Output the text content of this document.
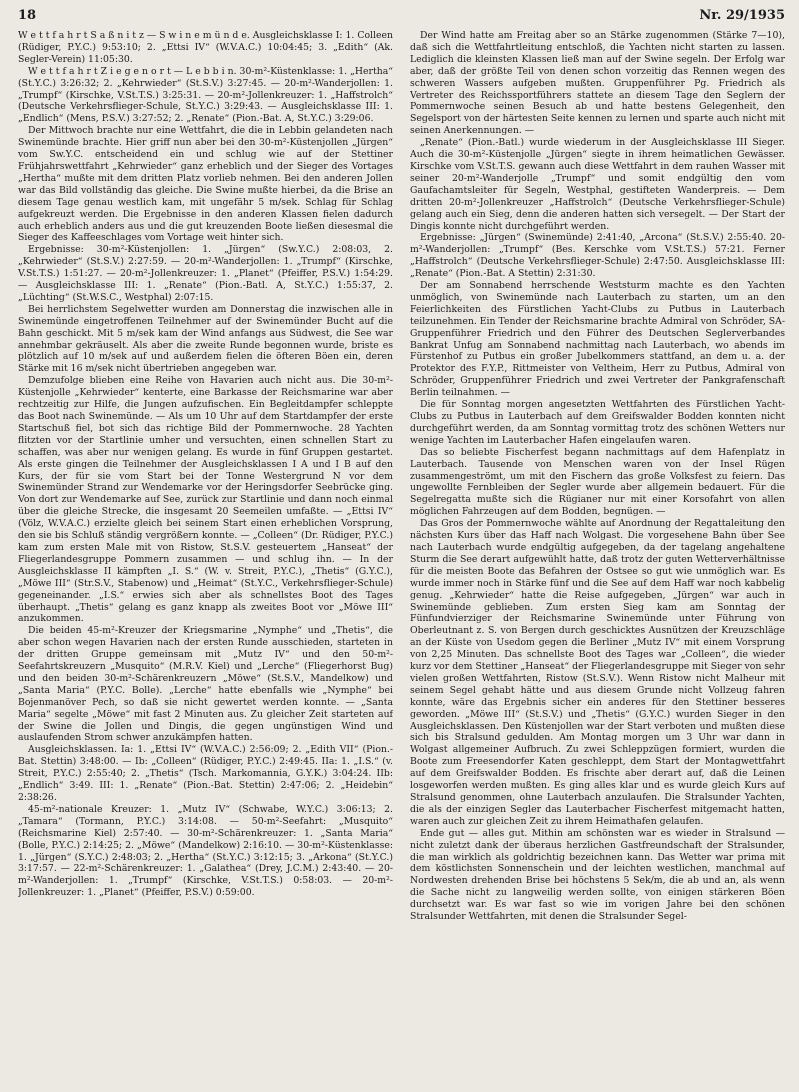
18	Nr. 29/1935

W e t t f a h r t S a ß n i t z — S w i n e m ü n d e. Ausgleichsklasse I: 1. Colleen (Rüdiger, P.Y.C.) 9:53:10; 2. „Ettsi IV“ (W.V.A.C.) 10:04:45; 3. „Edith“ (Ak. Segler-Verein) 11:05:30.

W e t t f a h r t Z i e g e n o r t — L e b b i n. 30-m²-Küstenklasse: 1. „Hertha“ (St.Y.C.) 3:26:32; 2. „Kehrwieder“ (St.S.V.) 3:27:45. — 20-m²-Wanderjollen: 1. „Trumpf“ (Kirschke, V.St.T.S.) 3:25:31. — 20-m²-Jollenkreuzer: 1. „Haffstrolch“ (Deutsche Verkehrsflieger-Schule, St.Y.C.) 3:29:43. — Ausgleichsklasse III: 1. „Endlich“ (Mens, P.S.V.) 3:27:52; 2. „Renate“ (Pion.-Bat. A, St.Y.C.) 3:29:06.

Der Mittwoch brachte nur eine Wettfahrt, die die in Lebbin gelandeten nach Swinemünde brachte. Hier griff nun aber bei den 30-m²-Küstenjollen „Jürgen“ vom Sw.Y.C. entscheidend ein und schlug wie auf der Stettiner Frühjahrswettfahrt „Kehrwieder“ ganz erheblich und der Sieger des Vortages „Hertha“ mußte mit dem dritten Platz vorlieb nehmen. Bei den anderen Jollen war das Bild vollständig das gleiche. Die Swine mußte hierbei, da die Brise an diesem Tage genau westlich kam, mit ungefähr 5 m/sek. Schlag für Schlag aufgekreuzt werden. Die Ergebnisse in den anderen Klassen fielen dadurch auch erheblich anders aus und die gut kreuzenden Boote ließen diesesmal die Sieger des Kaffeeschlages vom Vortage weit hinter sich.

Ergebnisse: 30-m²-Küstenjollen: 1. „Jürgen“ (Sw.Y.C.) 2:08:03, 2. „Kehrwieder“ (St.S.V.) 2:27:59. — 20-m²-Wanderjollen: 1. „Trumpf“ (Kirschke, V.St.T.S.) 1:51:27. — 20-m²-Jollenkreuzer: 1. „Planet“ (Pfeiffer, P.S.V.) 1:54:29. — Ausgleichsklasse III: 1. „Renate“ (Pion.-Batl. A, St.Y.C.) 1:55:37, 2. „Lüchting“ (St.W.S.C., Westphal) 2:07:15.

Bei herrlichstem Segelwetter wurden am Donnerstag die inzwischen alle in Swinemünde eingetroffenen Teilnehmer auf der Swinemünder Bucht auf die Bahn geschickt. Mit 5 m/sek kam der Wind anfangs aus Südwest, die See war annehmbar gekräuselt. Als aber die zweite Runde begonnen wurde, briste es plötzlich auf 10 m/sek auf und außerdem fielen die öfteren Böen ein, deren Stärke mit 16 m/sek nicht übertrieben angegeben war.

Demzufolge blieben eine Reihe von Havarien auch nicht aus. Die 30-m²-Küstenjolle „Kehrwieder“ kenterte, eine Barkasse der Reichsmarine war aber rechtzeitig zur Hilfe, die Jungen aufzufischen. Ein Begleitdampfer schleppte das Boot nach Swinemünde. — Als um 10 Uhr auf dem Startdampfer der erste Startschuß fiel, bot sich das richtige Bild der Pommernwoche. 28 Yachten flitzten vor der Startlinie umher und versuchten, einen schnellen Start zu schaffen, was aber nur wenigen gelang. Es wurde in fünf Gruppen gestartet. Als erste gingen die Teilnehmer der Ausgleichsklassen I A und I B auf den Kurs, der für sie vom Start bei der Tonne Westergrund N vor dem Swinemünder Strand zur Wendemarke vor der Heringsdorfer Seebrücke ging. Von dort zur Wendemarke auf See, zurück zur Startlinie und dann noch einmal über die gleiche Strecke, die insgesamt 20 Seemeilen umfaßte. — „Ettsi IV“ (Völz, W.V.A.C.) erzielte gleich bei seinem Start einen erheblichen Vorsprung, den sie bis Schluß ständig vergrößern konnte. — „Colleen“ (Dr. Rüdiger, P.Y.C.) kam zum ersten Male mit von Ristow, St.S.V. gesteuertem „Hanseat“ der Fliegerlandesgruppe Pommern zusammen — und schlug ihn. — In der Ausgleichsklasse II kämpften „I. S.“ (W. v. Streit, P.Y.C.), „Thetis“ (G.Y.C.), „Möwe III“ (Str.S.V., Stabenow) und „Heimat“ (St.Y.C., Verkehrsflieger-Schule) gegeneinander. „I.S.“ erwies sich aber als schnellstes Boot des Tages überhaupt. „Thetis“ gelang es ganz knapp als zweites Boot vor „Möwe III“ anzukommen.

Die beiden 45-m²-Kreuzer der Kriegsmarine „Nymphe“ und „Thetis“, die aber schon wegen Havarien nach der ersten Runde ausschieden, starteten in der dritten Gruppe gemeinsam mit „Mutz IV“ und den 50-m²-Seefahrtskreuzern „Musquito“ (M.R.V. Kiel) und „Lerche“ (Fliegerhorst Bug) und den beiden 30-m²-Schärenkreuzern „Möwe“ (St.S.V., Mandelkow) und „Santa Maria“ (P.Y.C. Bolle). „Lerche“ hatte ebenfalls wie „Nymphe“ bei Bojenmanöver Pech, so daß sie nicht gewertet werden konnte. — „Santa Maria“ segelte „Möwe“ mit fast 2 Minuten aus. Zu gleicher Zeit starteten auf der Swine die Jollen und Dingis, die gegen ungünstigen Wind und auslaufenden Strom schwer anzukämpfen hatten.

Ausgleichsklassen. Ia: 1. „Ettsi IV“ (W.V.A.C.) 2:56:09; 2. „Edith VII“ (Pion.-Bat. Stettin) 3:48:00. — Ib: „Colleen“ (Rüdiger, P.Y.C.) 2:49:45. IIa: 1. „I.S.“ (v. Streit, P.Y.C.) 2:55:40; 2. „Thetis“ (Tsch. Markomannia, G.Y.K.) 3:04:24. IIb: „Endlich“ 3:49. III: 1. „Renate“ (Pion.-Bat. Stettin) 2:47:06; 2. „Heidebin“ 2:38:26.

45-m²-nationale Kreuzer: 1. „Mutz IV“ (Schwabe, W.Y.C.) 3:06:13; 2. „Tamara“ (Tormann, P.Y.C.) 3:14:08. — 50-m²-Seefahrt: „Musquito“ (Reichsmarine Kiel) 2:57:40. — 30-m²-Schärenkreuzer: 1. „Santa Maria“ (Bolle, P.Y.C.) 2:14:25; 2. „Möwe“ (Mandelkow) 2:16:10. — 30-m²-Küstenklasse: 1. „Jürgen“ (S.Y.C.) 2:48:03; 2. „Hertha“ (St.Y.C.) 3:12:15; 3. „Arkona“ (St.Y.C.) 3:17:57. — 22-m²-Schärenkreuzer: 1. „Galathea“ (Drey, J.C.M.) 2:43:40. — 20-m²-Wanderjollen: 1. „Trumpf“ (Kirschke, V.St.T.S.) 0:58:03. — 20-m²-Jollenkreuzer: 1. „Planet“ (Pfeiffer, P.S.V.) 0:59:00.

Der Wind hatte am Freitag aber so an Stärke zugenommen (Stärke 7—10), daß sich die Wettfahrtleitung entschloß, die Yachten nicht starten zu lassen. Lediglich die kleinsten Klassen ließ man auf der Swine segeln. Der Erfolg war aber, daß der größte Teil von denen schon vorzeitig das Rennen wegen des schweren Wassers aufgeben mußten. Gruppenführer Pg. Friedrich als Vertreter des Reichssportführers stattete an diesem Tage den Seglern der Pommernwoche seinen Besuch ab und hatte bestens Gelegenheit, den Segelsport von der härtesten Seite kennen zu lernen und sparte auch nicht mit seinen Anerkennungen. —

„Renate“ (Pion.-Batl.) wurde wiederum in der Ausgleichsklasse III Sieger. Auch die 30-m²-Küstenjolle „Jürgen“ siegte in ihrem heimatlichen Gewässer. Kirschke vom V.St.T.S. gewann auch diese Wettfahrt in dem rauhen Wasser mit seiner 20-m²-Wanderjolle „Trumpf“ und somit endgültig den vom Gaufachamtsleiter für Segeln, Westphal, gestifteten Wanderpreis. — Dem dritten 20-m²-Jollenkreuzer „Haffstrolch“ (Deutsche Verkehrsflieger-Schule) gelang auch ein Sieg, denn die anderen hatten sich versegelt. — Der Start der Dingis konnte nicht durchgeführt werden.

Ergebnisse: „Jürgen“ (Swinemünde) 2:41:40, „Arcona“ (St.S.V.) 2:55:40. 20-m²-Wanderjollen: „Trumpf“ (Bes. Kerschke vom V.St.T.S.) 57:21. Ferner „Haffstrolch“ (Deutsche Verkehrsflieger-Schule) 2:47:50. Ausgleichsklasse III: „Renate“ (Pion.-Bat. A Stettin) 2:31:30.

Der am Sonnabend herrschende Weststurm machte es den Yachten unmöglich, von Swinemünde nach Lauterbach zu starten, um an den Feierlichkeiten des Fürstlichen Yacht-Clubs zu Putbus in Lauterbach teilzunehmen. Ein Tender der Reichsmarine brachte Admiral von Schröder, SA-Gruppenführer Friedrich und den Führer des Deutschen Seglerverbandes Bankrat Unfug am Sonnabend nachmittag nach Lauterbach, wo abends im Fürstenhof zu Putbus ein großer Jubelkommers stattfand, an dem u. a. der Protektor des F.Y.P., Rittmeister von Veltheim, Herr zu Putbus, Admiral von Schröder, Gruppenführer Friedrich und zwei Vertreter der Pankgrafenschaft Berlin teilnahmen. —

Die für Sonntag morgen angesetzten Wettfahrten des Fürstlichen Yacht-Clubs zu Putbus in Lauterbach auf dem Greifswalder Bodden konnten nicht durchgeführt werden, da am Sonntag vormittag trotz des schönen Wetters nur wenige Yachten im Lauterbacher Hafen eingelaufen waren.

Das so beliebte Fischerfest begann nachmittags auf dem Hafenplatz in Lauterbach. Tausende von Menschen waren von der Insel Rügen zusammengeströmt, um mit den Fischern das große Volksfest zu feiern. Das ungewollte Fernbleiben der Segler wurde aber allgemein bedauert. Für die Segelregatta mußte sich die Rügianer nur mit einer Korsofahrt von allen möglichen Fahrzeugen auf dem Bodden, begnügen. —

Das Gros der Pommernwoche wählte auf Anordnung der Regattaleitung den nächsten Kurs über das Haff nach Wolgast. Die vorgesehene Bahn über See nach Lauterbach wurde endgültig aufgegeben, da der tagelang angehaltene Sturm die See derart aufgewühlt hatte, daß trotz der guten Wetterverhältnisse für die meisten Boote das Befahren der Ostsee so gut wie unmöglich war. Es wurde immer noch in Stärke fünf und die See auf dem Haff war noch kabbelig genug. „Kehrwieder“ hatte die Reise aufgegeben, „Jürgen“ war auch in Swinemünde geblieben. Zum ersten Sieg kam am Sonntag der Fünfundvierziger der Reichsmarine Swinemünde unter Führung von Oberleutnant z. S. von Bergen durch geschicktes Ausnützen der Kreuzschläge an der Küste von Usedom gegen die Berliner „Mutz IV“ mit einem Vorsprung von 2,25 Minuten. Das schnellste Boot des Tages war „Colleen“, die wieder kurz vor dem Stettiner „Hanseat“ der Fliegerlandesgruppe mit Sieger von sehr vielen großen Wettfahrten, Ristow (St.S.V.). Wenn Ristow nicht Malheur mit seinem Segel gehabt hätte und aus diesem Grunde nicht Vollzeug fahren konnte, wäre das Ergebnis sicher ein anderes für den Stettiner besseres geworden. „Möwe III“ (St.S.V.) und „Thetis“ (G.Y.C.) wurden Sieger in den Ausgleichsklassen. Den Küstenjollen war der Start verboten und mußten diese sich bis Stralsund gedulden. Am Montag morgen um 3 Uhr war dann in Wolgast allgemeiner Aufbruch. Zu zwei Schleppzügen formiert, wurden die Boote zum Freesendorfer Katen geschleppt, dem Start der Montagwettfahrt auf dem Greifswalder Bodden. Es frischte aber derart auf, daß die Leinen losgeworfen werden mußten. Es ging alles klar und es wurde gleich Kurs auf Stralsund genommen, ohne Lauterbach anzulaufen. Die Stralsunder Yachten, die als der einzigen Segler das Lauterbacher Fischerfest mitgemacht hatten, waren auch zur gleichen Zeit zu ihrem Heimathafen gelaufen.

Ende gut — alles gut. Mithin am schönsten war es wieder in Stralsund — nicht zuletzt dank der überaus herzlichen Gastfreundschaft der Stralsunder, die man wirklich als goldrichtig bezeichnen kann. Das Wetter war prima mit dem köstlichsten Sonnenschein und der leichten westlichen, manchmal auf Nordwesten drehenden Brise bei höchstens 5 Sek/m, die ab und an, als wenn die Sache nicht zu langweilig werden sollte, von einigen stärkeren Böen durchsetzt war. Es war fast so wie im vorigen Jahre bei den schönen Stralsunder Wettfahrten, mit denen die Stralsunder Segel-
